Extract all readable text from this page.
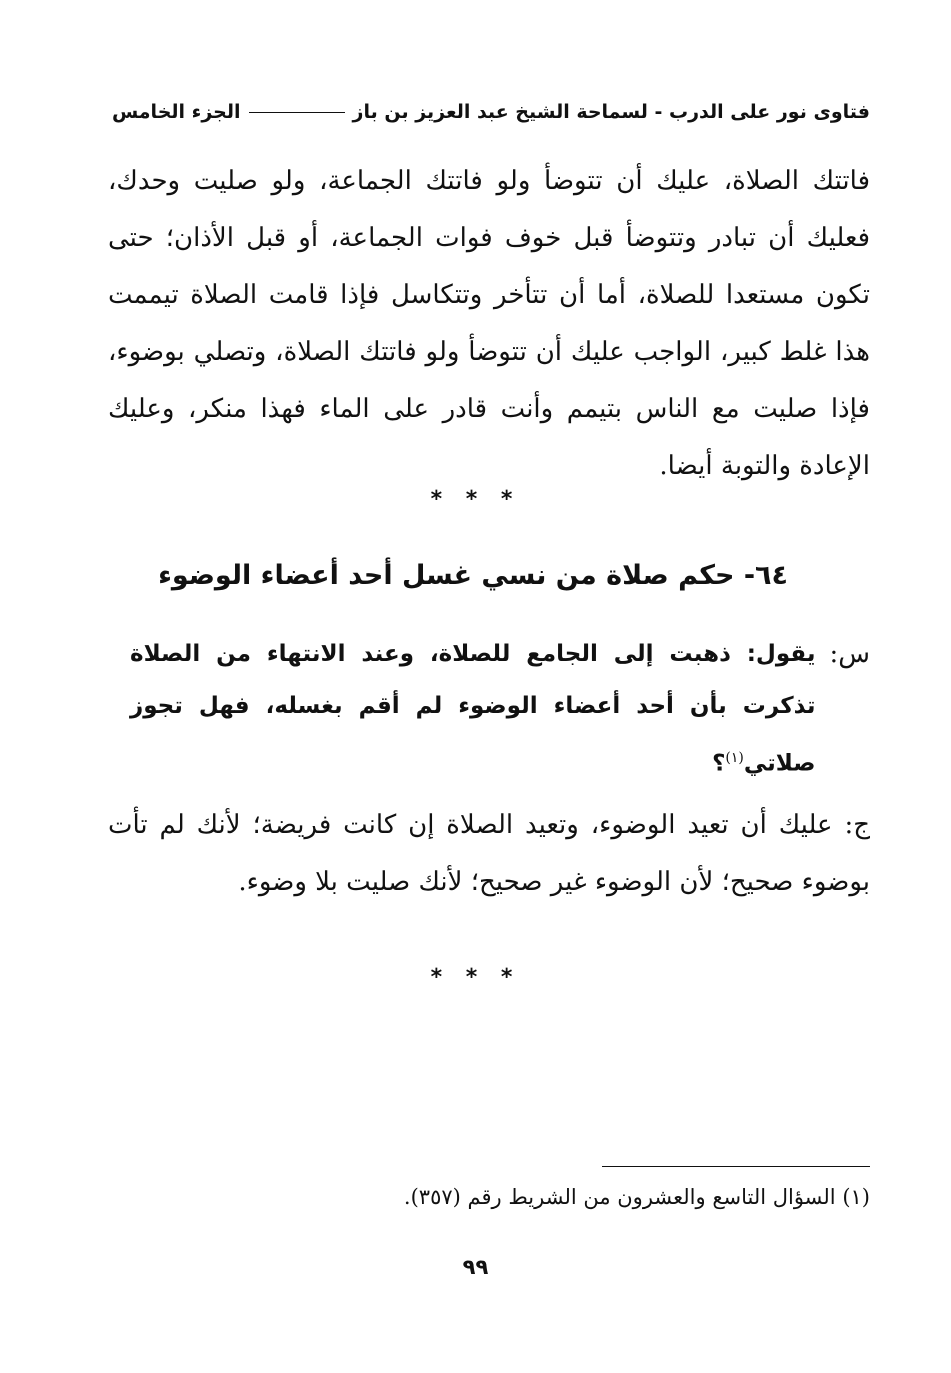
فتاوى نور على الدرب - لسماحة الشيخ عبد العزيز بن باز
الجزء الخامس

فاتتك الصلاة، عليك أن تتوضأ ولو فاتتك الجماعة، ولو صليت وحدك، فعليك أن تبادر وتتوضأ قبل خوف فوات الجماعة، أو قبل الأذان؛ حتى تكون مستعدا للصلاة، أما أن تتأخر وتتكاسل فإذا قامت الصلاة تيممت هذا غلط كبير، الواجب عليك أن تتوضأ ولو فاتتك الصلاة، وتصلي بوضوء، فإذا صليت مع الناس بتيمم وأنت قادر على الماء فهذا منكر، وعليك الإعادة والتوبة أيضا.

* * *
٦٤- حكم صلاة من نسي غسل أحد أعضاء الوضوء
س:
يقول: ذهبت إلى الجامع للصلاة، وعند الانتهاء من الصلاة تذكرت بأن أحد أعضاء الوضوء لم أقم بغسله، فهل تجوز صلاتي$^{(١)}$؟

ج: عليك أن تعيد الوضوء، وتعيد الصلاة إن كانت فريضة؛ لأنك لم تأت بوضوء صحيح؛ لأن الوضوء غير صحيح؛ لأنك صليت بلا وضوء.

* * *

(١) السؤال التاسع والعشرون من الشريط رقم (٣٥٧).

٩٩
